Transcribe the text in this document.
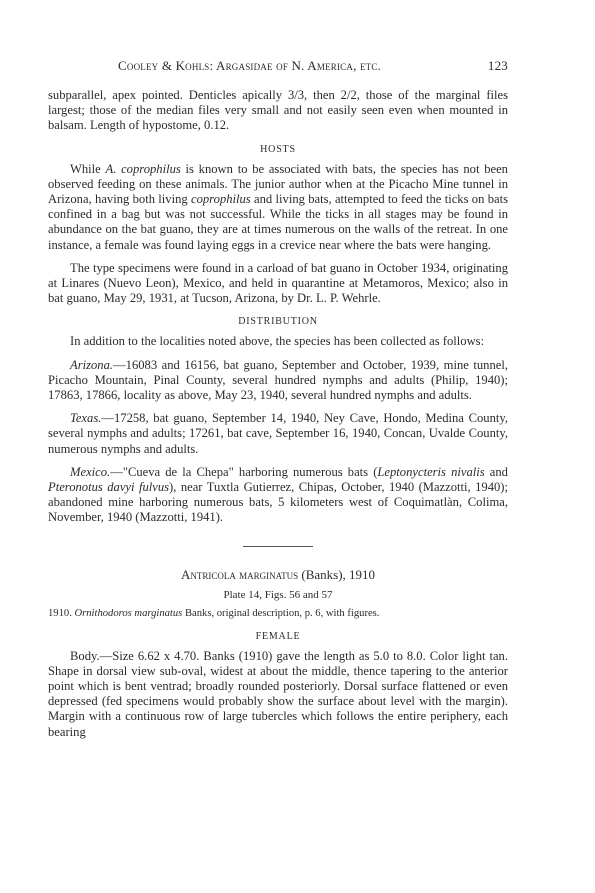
Cooley & Kohls: Argasidae of N. America, etc.	123

subparallel, apex pointed. Denticles apically 3/3, then 2/2, those of the marginal files largest; those of the median files very small and not easily seen even when mounted in balsam. Length of hypostome, 0.12.

HOSTS

While A. coprophilus is known to be associated with bats, the species has not been observed feeding on these animals. The junior author when at the Picacho Mine tunnel in Arizona, having both living coprophilus and living bats, attempted to feed the ticks on bats confined in a bag but was not successful. While the ticks in all stages may be found in abundance on the bat guano, they are at times numerous on the walls of the retreat. In one instance, a female was found laying eggs in a crevice near where the bats were hanging.

The type specimens were found in a carload of bat guano in October 1934, originating at Linares (Nuevo Leon), Mexico, and held in quarantine at Metamoros, Mexico; also in bat guano, May 29, 1931, at Tucson, Arizona, by Dr. L. P. Wehrle.

DISTRIBUTION

In addition to the localities noted above, the species has been collected as follows:

Arizona.—16083 and 16156, bat guano, September and October, 1939, mine tunnel, Picacho Mountain, Pinal County, several hundred nymphs and adults (Philip, 1940); 17863, 17866, locality as above, May 23, 1940, several hundred nymphs and adults.

Texas.—17258, bat guano, September 14, 1940, Ney Cave, Hondo, Medina County, several nymphs and adults; 17261, bat cave, September 16, 1940, Concan, Uvalde County, numerous nymphs and adults.

Mexico.—"Cueva de la Chepa" harboring numerous bats (Leptonycteris nivalis and Pteronotus davyi fulvus), near Tuxtla Gutierrez, Chipas, October, 1940 (Mazzotti, 1940); abandoned mine harboring numerous bats, 5 kilometers west of Coquimatlàn, Colima, November, 1940 (Mazzotti, 1941).

Antricola marginatus (Banks), 1910
Plate 14, Figs. 56 and 57

1910. Ornithodoros marginatus Banks, original description, p. 6, with figures.

FEMALE

Body.—Size 6.62 x 4.70. Banks (1910) gave the length as 5.0 to 8.0. Color light tan. Shape in dorsal view sub-oval, widest at about the middle, thence tapering to the anterior point which is bent ventrad; broadly rounded posteriorly. Dorsal surface flattened or even depressed (fed specimens would probably show the surface about level with the margin). Margin with a continuous row of large tubercles which follows the entire periphery, each bearing
